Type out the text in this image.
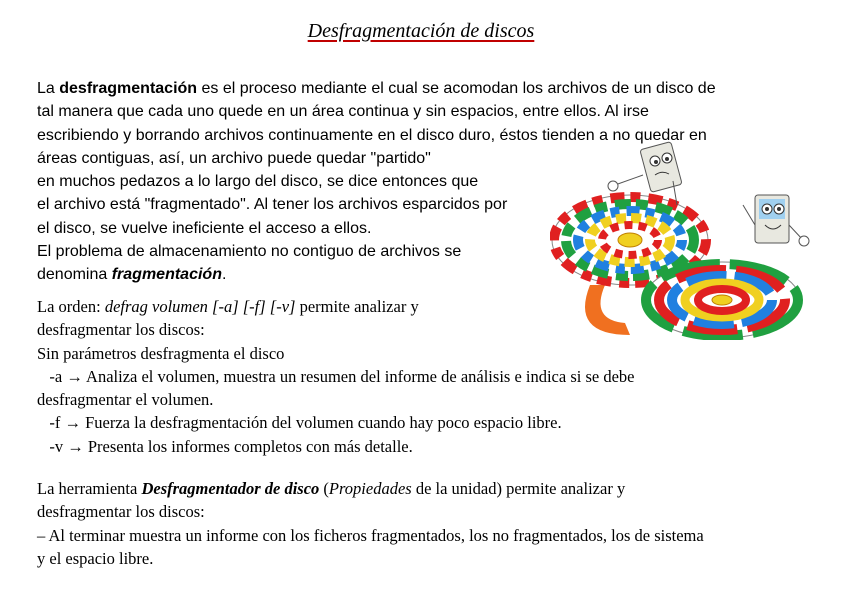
Desfragmentación de discos
La desfragmentación es el proceso mediante el cual se acomodan los archivos de un disco de
tal manera que cada uno quede en un área continua y sin espacios, entre ellos. Al irse
escribiendo y borrando archivos continuamente en el disco duro, éstos tienden a no quedar en
áreas contiguas, así, un archivo puede quedar "partido"
en muchos pedazos a lo largo del disco, se dice entonces que
el archivo está "fragmentado". Al tener los archivos esparcidos por
el disco, se vuelve ineficiente el acceso a ellos.
El problema de almacenamiento no contiguo de archivos se
denomina fragmentación.
La orden: defrag volumen [-a] [-f] [-v] permite analizar y
desfragmentar los discos:
Sin parámetros desfragmenta el disco
-a → Analiza el volumen, muestra un resumen del informe de análisis e indica si se debe
desfragmentar el volumen.
-f → Fuerza la desfragmentación del volumen cuando hay poco espacio libre.
-v → Presenta los informes completos con más detalle.
La herramienta Desfragmentador de disco (Propiedades de la unidad) permite analizar y
desfragmentar los discos:
– Al terminar muestra un informe con los ficheros fragmentados, los no fragmentados, los de sistema
y el espacio libre.
